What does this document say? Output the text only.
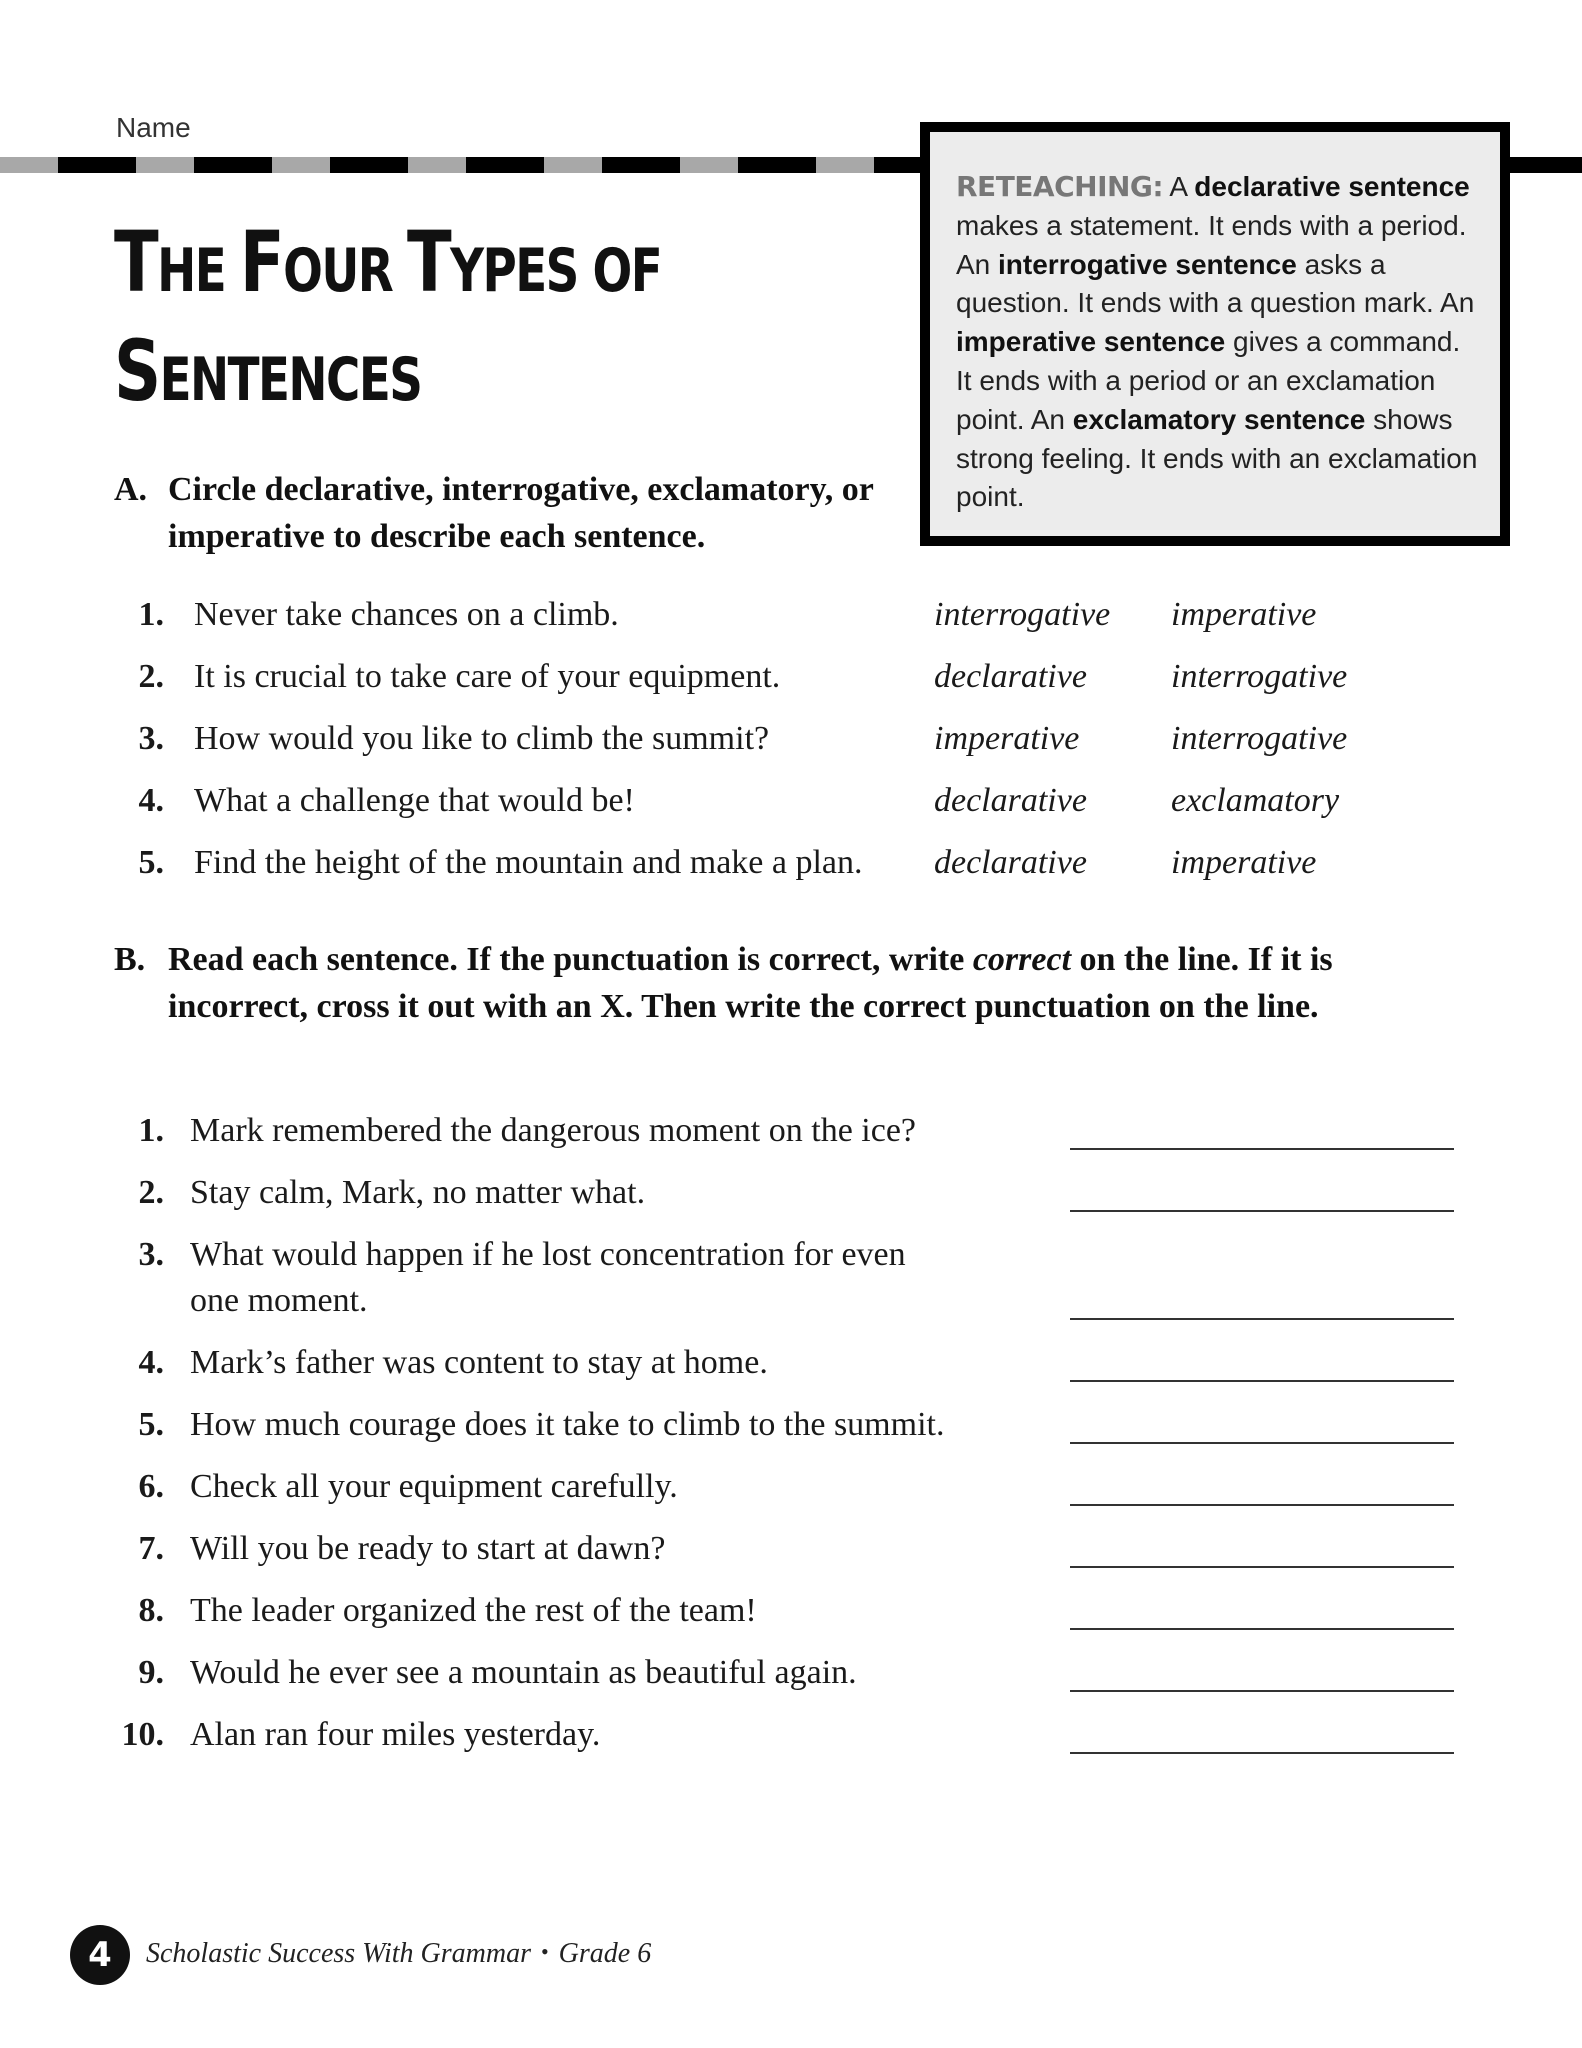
Name
THE FOUR TYPES OF
SENTENCES
RETEACHING: A declarative sentence makes a statement. It ends with a period. An interrogative sentence asks a question. It ends with a question mark. An imperative sentence gives a command. It ends with a period or an exclamation point. An exclamatory sentence shows strong feeling. It ends with an exclamation point.
A. Circle declarative, interrogative, exclamatory, or imperative to describe each sentence.
1. Never take chances on a climb.	interrogative imperative
2. It is crucial to take care of your equipment.	declarative interrogative
3. How would you like to climb the summit?	imperative	interrogative
4. What a challenge that would be!	declarative exclamatory
5. Find the height of the mountain and make a plan. declarative imperative
B. Read each sentence. If the punctuation is correct, write correct on the line. If it is incorrect, cross it out with an X. Then write the correct punctuation on the line.
1. Mark remembered the dangerous moment on the ice?
2. Stay calm, Mark, no matter what.
3. What would happen if he lost concentration for even one moment.
4. Mark’s father was content to stay at home.
5. How much courage does it take to climb to the summit.
6. Check all your equipment carefully.
7. Will you be ready to start at dawn?
8. The leader organized the rest of the team!
9. Would he ever see a mountain as beautiful again.
10. Alan ran four miles yesterday.
4	Scholastic Success With Grammar • Grade 6
